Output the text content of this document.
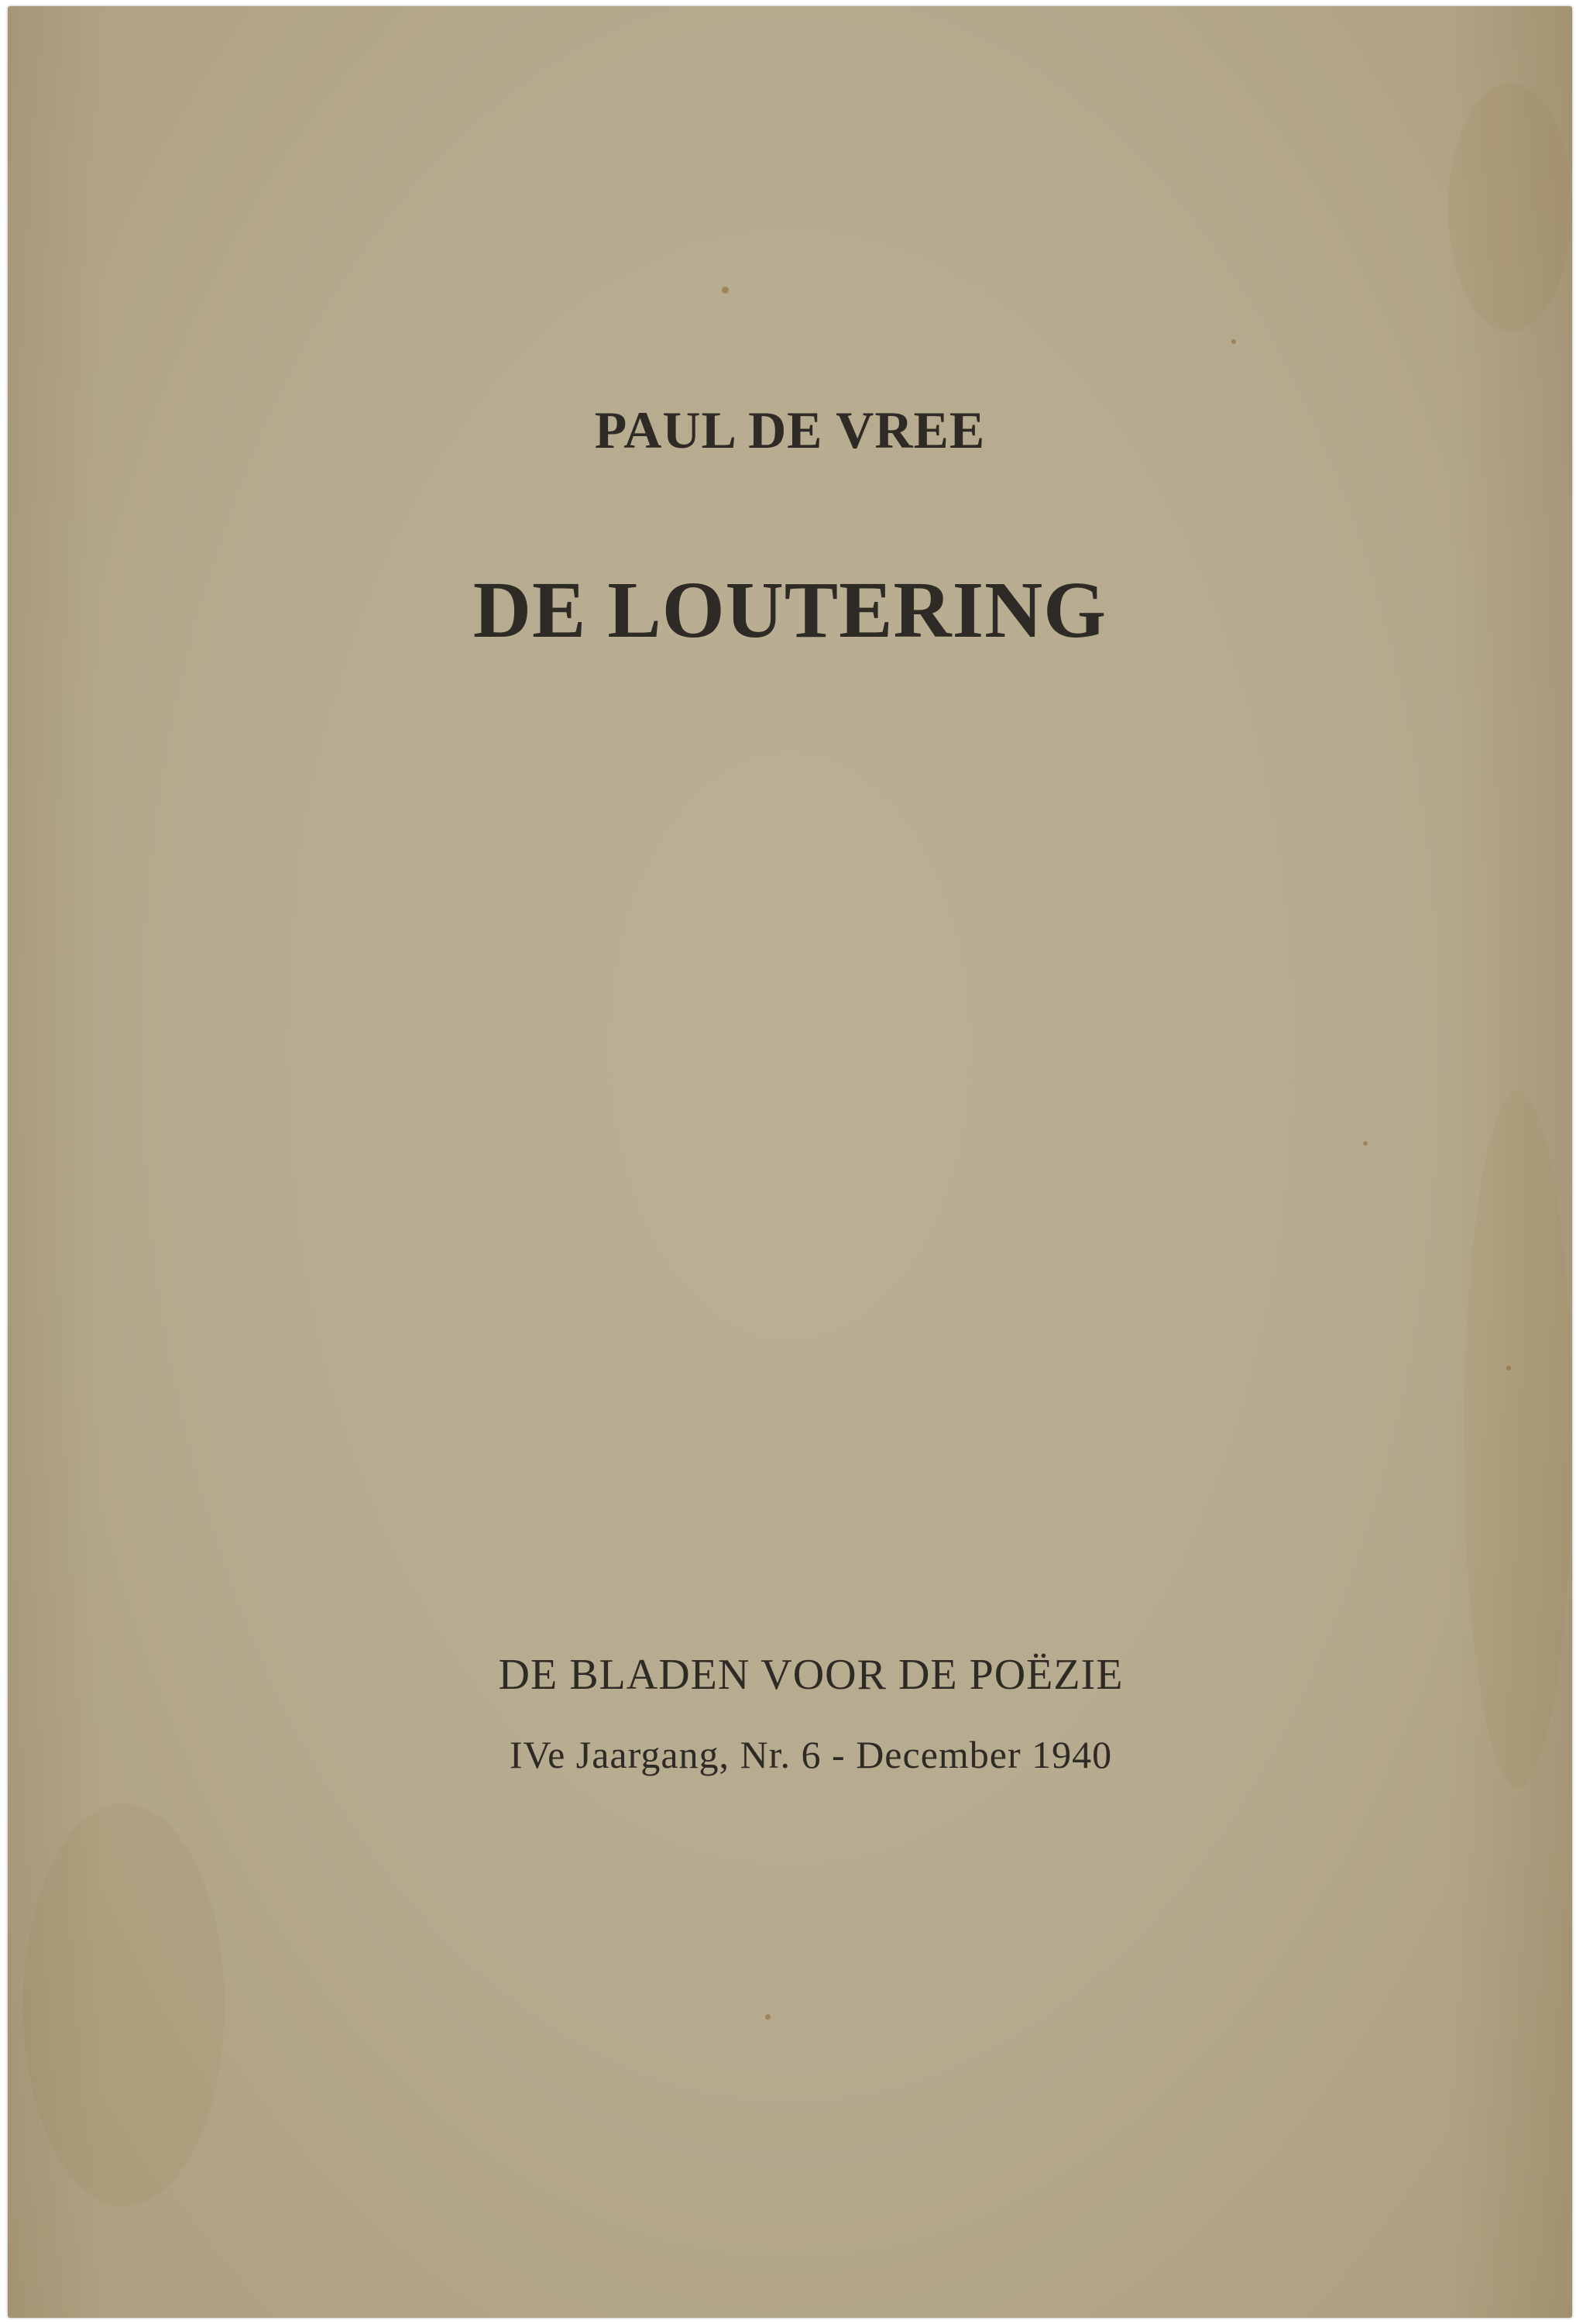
PAUL DE VREE
DE LOUTERING
DE BLADEN VOOR DE POËZIE
IVe Jaargang, Nr. 6 - December 1940
